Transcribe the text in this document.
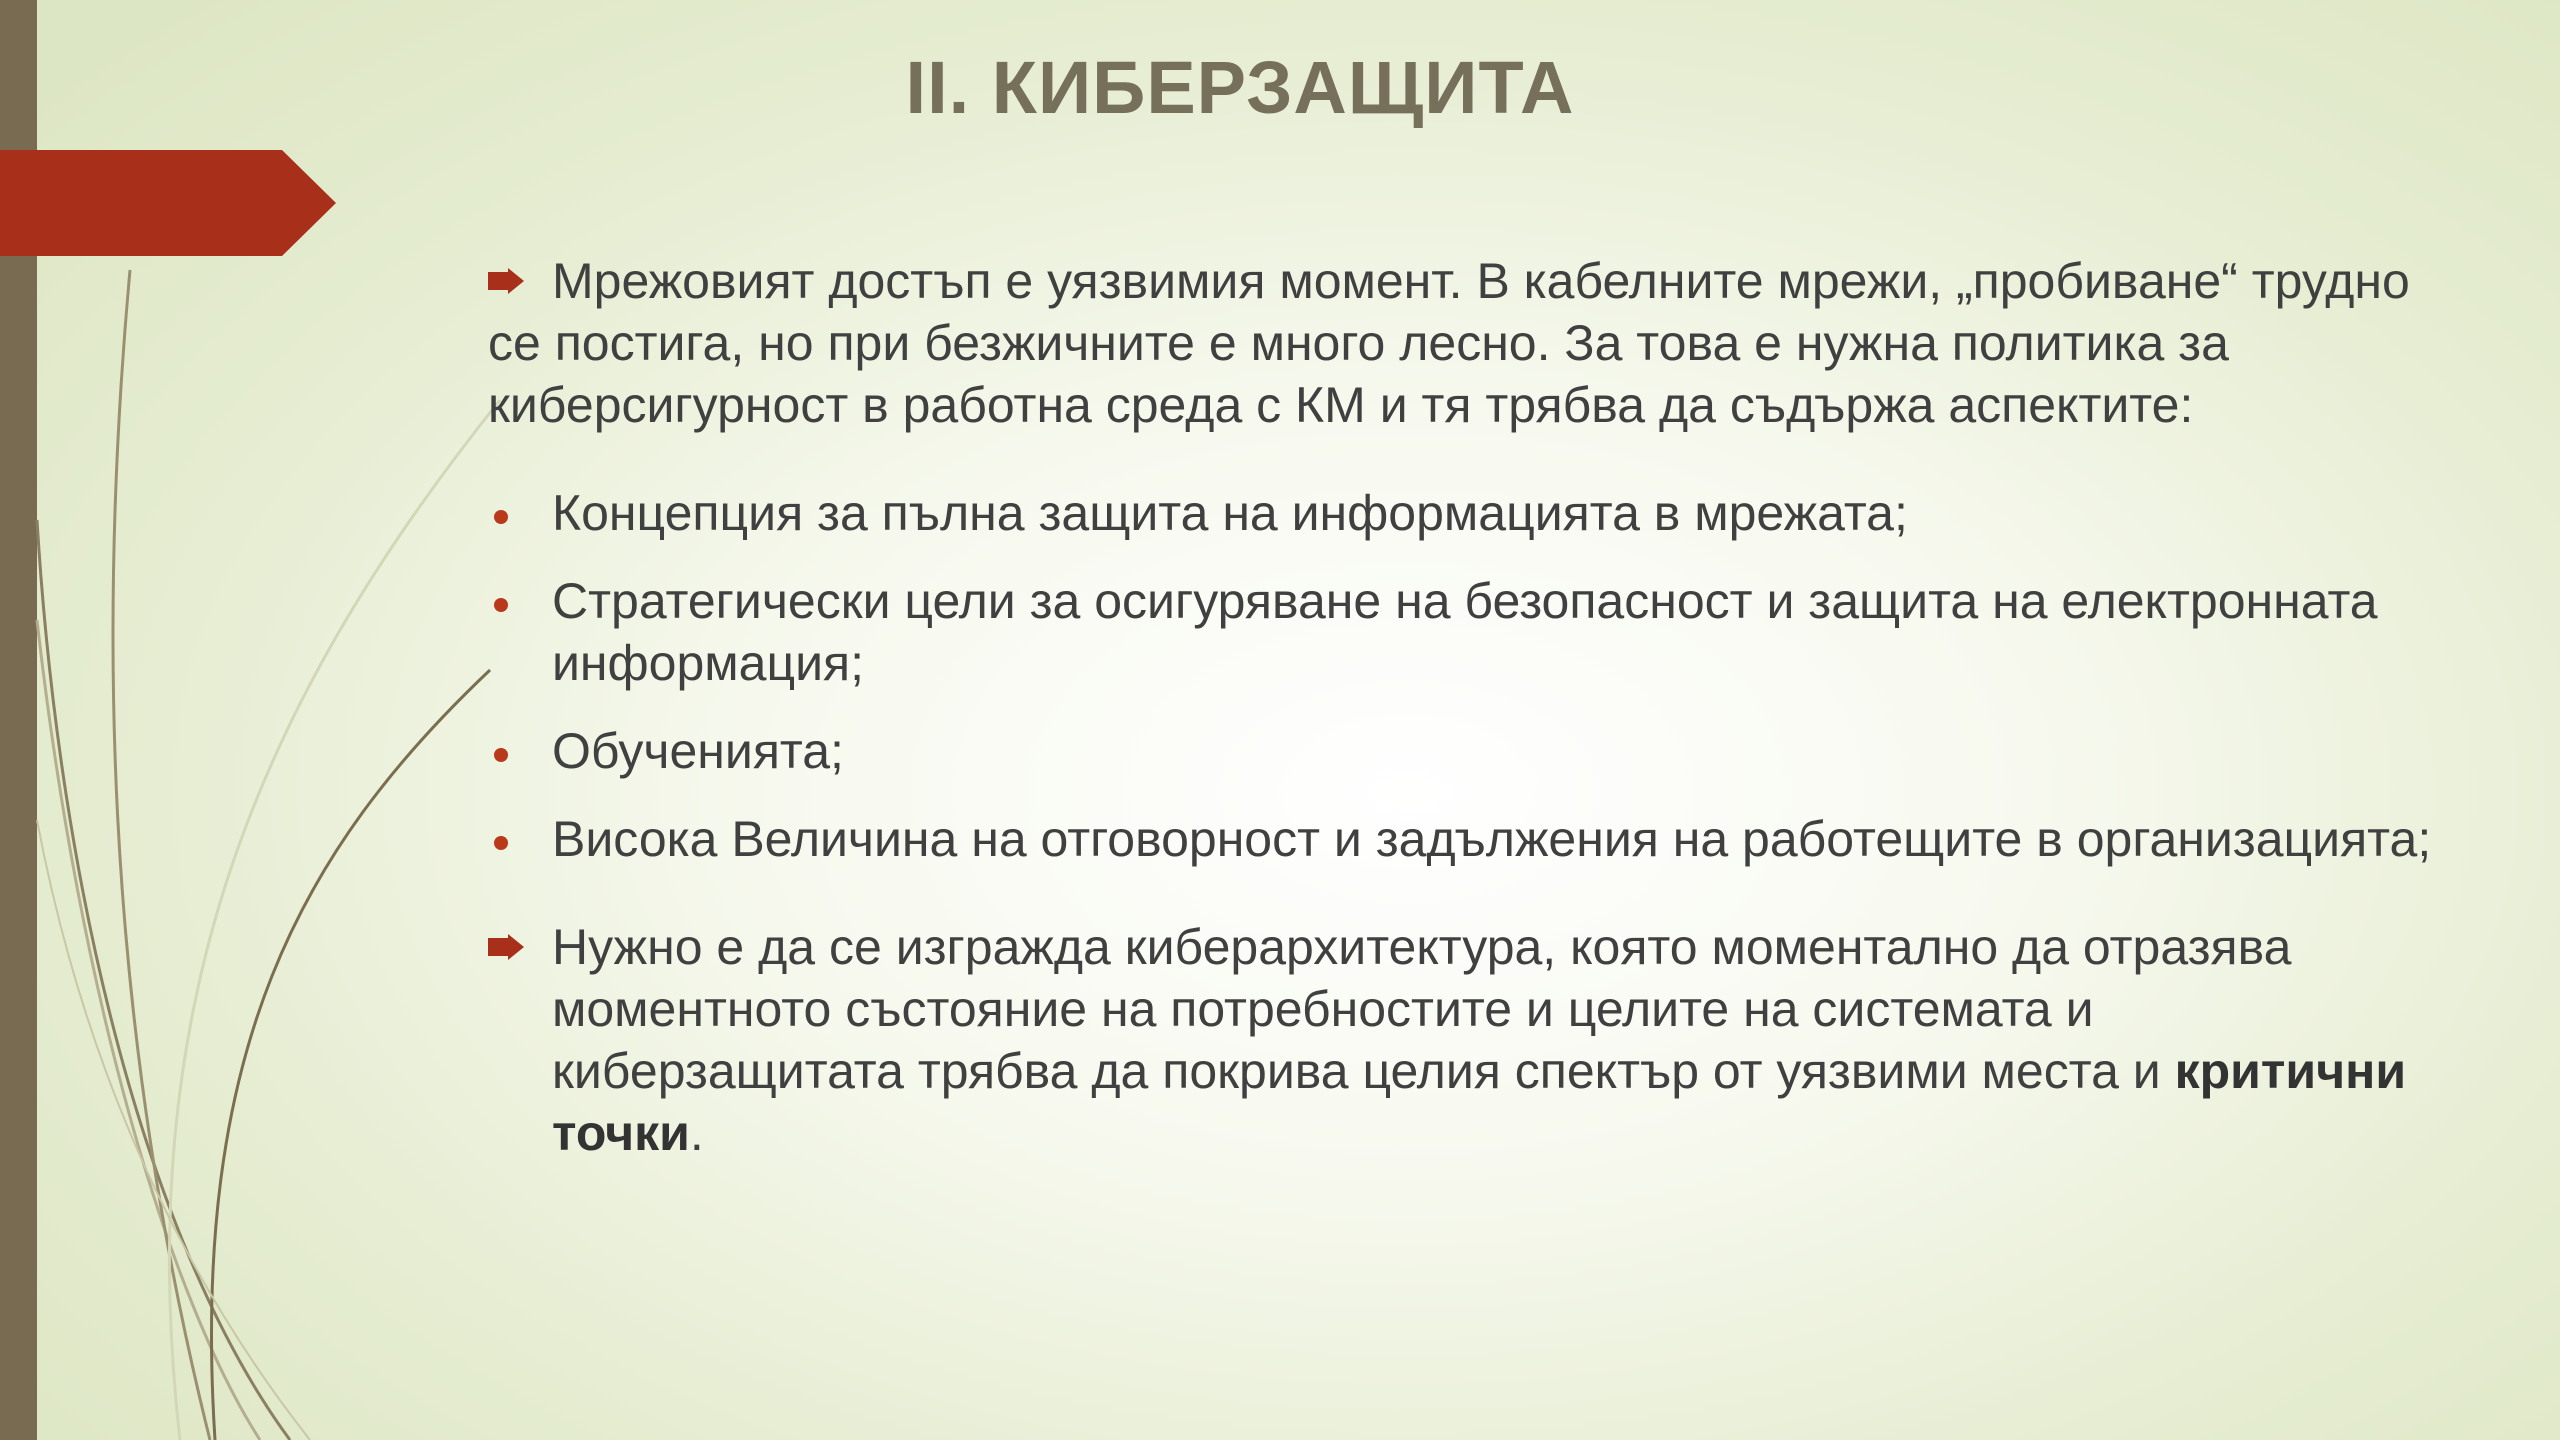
II. КИБЕРЗАЩИТА

Мрежовият достъп е уязвимия момент. В кабелните мрежи, „пробиване“ трудно се постига, но при безжичните е много лесно. За това е нужна политика за киберсигурност в работна среда с КМ и тя трябва да съдържа аспектите:

Концепция за пълна защита на информацията в мрежата;
Стратегически цели за осигуряване на безопасност и защита на електронната информация;
Обученията;
Висока Величина на отговорност и задължения на работещите в организацията;

Нужно е да се изгражда киберархитектура, която моментално да отразява моментното състояние на потребностите и целите на системата и киберзащитата трябва да покрива целия спектър от уязвими места и критични точки.
